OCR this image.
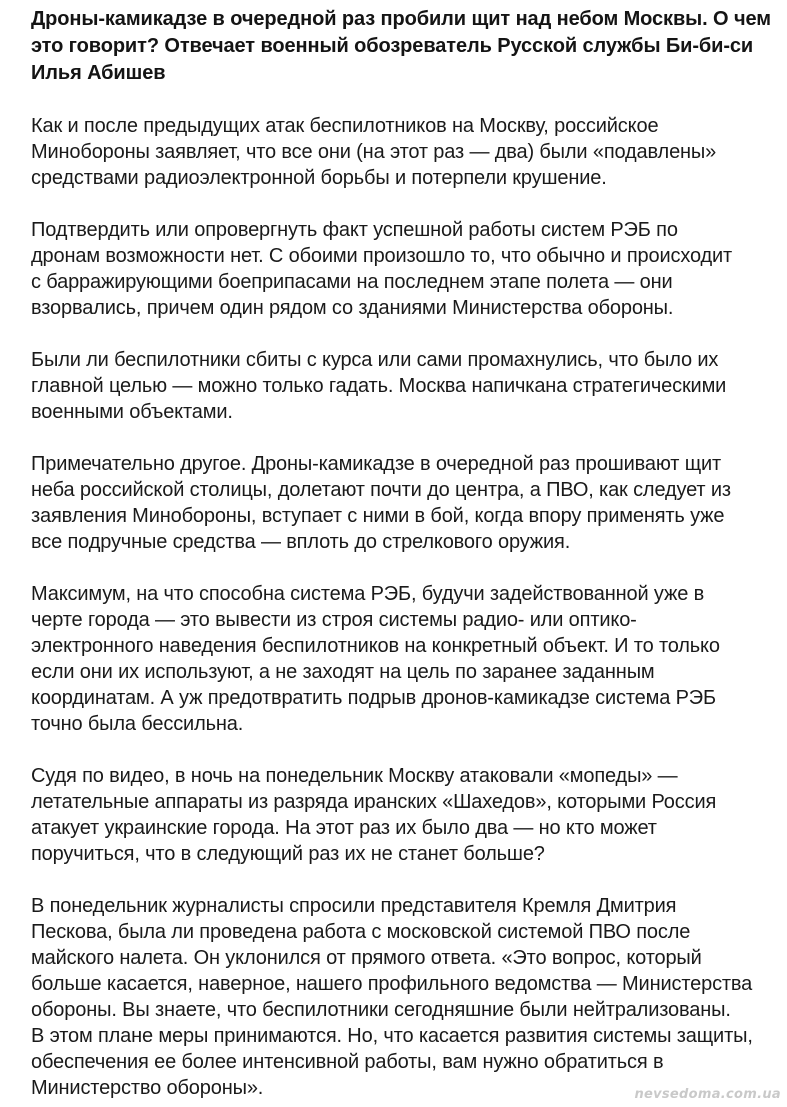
Дроны-камикадзе в очередной раз пробили щит над небом Москвы. О чем
это говорит? Отвечает военный обозреватель Русской службы Би-би-си
Илья Абишев

Как и после предыдущих атак беспилотников на Москву, российское
Минобороны заявляет, что все они (на этот раз — два) были «подавлены»
средствами радиоэлектронной борьбы и потерпели крушение.

Подтвердить или опровергнуть факт успешной работы систем РЭБ по
дронам возможности нет. С обоими произошло то, что обычно и происходит
с барражирующими боеприпасами на последнем этапе полета — они
взорвались, причем один рядом со зданиями Министерства обороны.

Были ли беспилотники сбиты с курса или сами промахнулись, что было их
главной целью — можно только гадать. Москва напичкана стратегическими
военными объектами.

Примечательно другое. Дроны-камикадзе в очередной раз прошивают щит
неба российской столицы, долетают почти до центра, а ПВО, как следует из
заявления Минобороны, вступает с ними в бой, когда впору применять уже
все подручные средства — вплоть до стрелкового оружия.

Максимум, на что способна система РЭБ, будучи задействованной уже в
черте города — это вывести из строя системы радио- или оптико-
электронного наведения беспилотников на конкретный объект. И то только
если они их используют, а не заходят на цель по заранее заданным
координатам. А уж предотвратить подрыв дронов-камикадзе система РЭБ
точно была бессильна.

Судя по видео, в ночь на понедельник Москву атаковали «мопеды» —
летательные аппараты из разряда иранских «Шахедов», которыми Россия
атакует украинские города. На этот раз их было два — но кто может
поручиться, что в следующий раз их не станет больше?

В понедельник журналисты спросили представителя Кремля Дмитрия
Пескова, была ли проведена работа с московской системой ПВО после
майского налета. Он уклонился от прямого ответа. «Это вопрос, который
больше касается, наверное, нашего профильного ведомства — Министерства
обороны. Вы знаете, что беспилотники сегодняшние были нейтрализованы.
В этом плане меры принимаются. Но, что касается развития системы защиты,
обеспечения ее более интенсивной работы, вам нужно обратиться в
Министерство обороны».	nevsedoma.com.ua
